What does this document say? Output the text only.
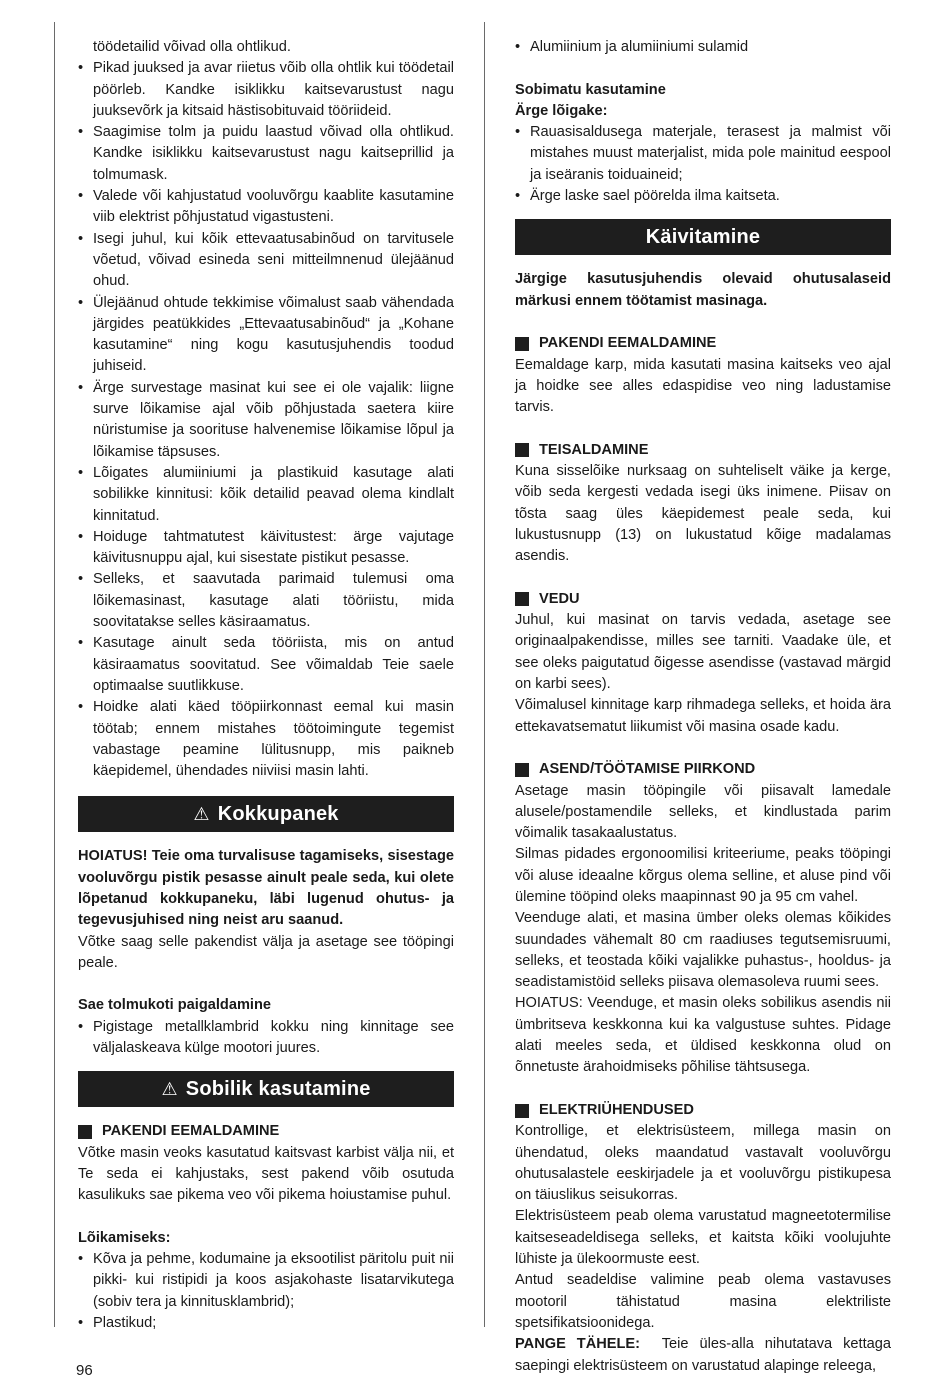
töödetailid võivad olla ohtlikud.

• Pikad juuksed ja avar riietus võib olla ohtlik kui töödetail pöörleb. Kandke isiklikku kaitsevarustust nagu juuksevõrk ja kitsaid hästisobituvaid tööriideid.
• Saagimise tolm ja puidu laastud võivad olla ohtlikud. Kandke isiklikku kaitsevarustust nagu kaitseprillid ja tolmumask.
• Valede või kahjustatud vooluvõrgu kaablite kasutamine viib elektrist põhjustatud vigastusteni.
• Isegi juhul, kui kõik ettevaatusabinõud on tarvitusele võetud, võivad esineda seni mitteilmnenud ülejäänud ohud.
• Ülejäänud ohtude tekkimise võimalust saab vähendada järgides peatükkides „Ettevaatusabinõud“ ja „Kohane kasutamine“ ning kogu kasutusjuhendis toodud juhiseid.
• Ärge survestage masinat kui see ei ole vajalik: liigne surve lõikamise ajal võib põhjustada saetera kiire nüristumise ja soorituse halvenemise lõikamise lõpul ja lõikamise täpsuses.
• Lõigates alumiiniumi ja plastikuid kasutage alati sobilikke kinnitusi: kõik detailid peavad olema kindlalt kinnitatud.
• Hoiduge tahtmatutest käivitustest: ärge vajutage käivitusnuppu ajal, kui sisestate pistikut pesasse.
• Selleks, et saavutada parimaid tulemusi oma lõikemasinast, kasutage alati tööriistu, mida soovitatakse selles käsiraamatus.
• Kasutage ainult seda tööriista, mis on antud käsiraamatus soovitatud. See võimaldab Teie saele optimaalse suutlikkuse.
• Hoidke alati käed tööpiirkonnast eemal kui masin töötab; ennem mistahes töötoimingute tegemist vabastage peamine lülitusnupp, mis paikneb käepidemel, ühendades niiviisi masin lahti.
⚠ Kokkupanek

HOIATUS! Teie oma turvalisuse tagamiseks, sisestage vooluvõrgu pistik pesasse ainult peale seda, kui olete lõpetanud kokkupaneku, läbi lugenud ohutus- ja tegevusjuhised ning neist aru saanud.

Võtke saag selle pakendist välja ja asetage see tööpingi peale.

Sae tolmukoti paigaldamine

• Pigistage metallklambrid kokku ning kinnitage see väljalaskeava külge mootori juures.
⚠ Sobilik kasutamine
PAKENDI EEMALDAMINE

Võtke masin veoks kasutatud kaitsvast karbist välja nii, et Te seda ei kahjustaks, sest pakend võib osutuda kasulikuks sae pikema veo või pikema hoiustamise puhul.

Lõikamiseks:

• Kõva ja pehme, kodumaine ja eksootilist päritolu puit nii pikki- kui ristipidi ja koos asjakohaste lisatarvikutega (sobiv tera ja kinnitusklambrid);
• Plastikud;
• Alumiinium ja alumiiniumi sulamid

Sobimatu kasutamine

Ärge lõigake:

• Rauasisaldusega materjale, terasest ja malmist või mistahes muust materjalist, mida pole mainitud eespool ja iseäranis toiduaineid;
• Ärge laske sael pöörelda ilma kaitseta.
Käivitamine

Järgige kasutusjuhendis olevaid ohutusalaseid märkusi ennem töötamist masinaga.

PAKENDI EEMALDAMINE

Eemaldage karp, mida kasutati masina kaitseks veo ajal ja hoidke see alles edaspidise veo ning ladustamise tarvis.

TEISALDAMINE

Kuna sisselõike nurksaag on suhteliselt väike ja kerge, võib seda kergesti vedada isegi üks inimene. Piisav on tõsta saag üles käepidemest peale seda, kui lukustusnupp (13) on lukustatud kõige madalamas asendis.

VEDU

Juhul, kui masinat on tarvis vedada, asetage see originaalpakendisse, milles see tarniti. Vaadake üle, et see oleks paigutatud õigesse asendisse (vastavad märgid on karbi sees).

Võimalusel kinnitage karp rihmadega selleks, et hoida ära ettekavatsematut liikumist või masina osade kadu.

ASEND/TÖÖTAMISE PIIRKOND

Asetage masin tööpingile või piisavalt lamedale alusele/postamendile selleks, et kindlustada parim võimalik tasakaalustatus.

Silmas pidades ergonoomilisi kriteeriume, peaks tööpingi või aluse ideaalne kõrgus olema selline, et aluse pind või ülemine tööpind oleks maapinnast 90 ja 95 cm vahel.

Veenduge alati, et masina ümber oleks olemas kõikides suundades vähemalt 80 cm raadiuses tegutsemisruumi, selleks, et teostada kõiki vajalikke puhastus-, hooldus- ja seadistamistöid selleks piisava olemasoleva ruumi sees.

HOIATUS: Veenduge, et masin oleks sobilikus asendis nii ümbritseva keskkonna kui ka valgustuse suhtes. Pidage alati meeles seda, et üldised keskkonna olud on õnnetuste ärahoidmiseks põhilise tähtsusega.

ELEKTRIÜHENDUSED

Kontrollige, et elektrisüsteem, millega masin on ühendatud, oleks maandatud vastavalt vooluvõrgu ohutusalastele eeskirjadele ja et vooluvõrgu pistikupesa on täiuslikus seisukorras.

Elektrisüsteem peab olema varustatud magneetotermilise kaitseseadeldisega selleks, et kaitsta kõiki voolujuhte lühiste ja ülekoormuste eest.

Antud seadeldise valimine peab olema vastavuses mootoril tähistatud masina elektriliste spetsifikatsioonidega.

PANGE TÄHELE: Teie üles-alla nihutatava kettaga saepingi elektrisüsteem on varustatud alapinge releega,

96
